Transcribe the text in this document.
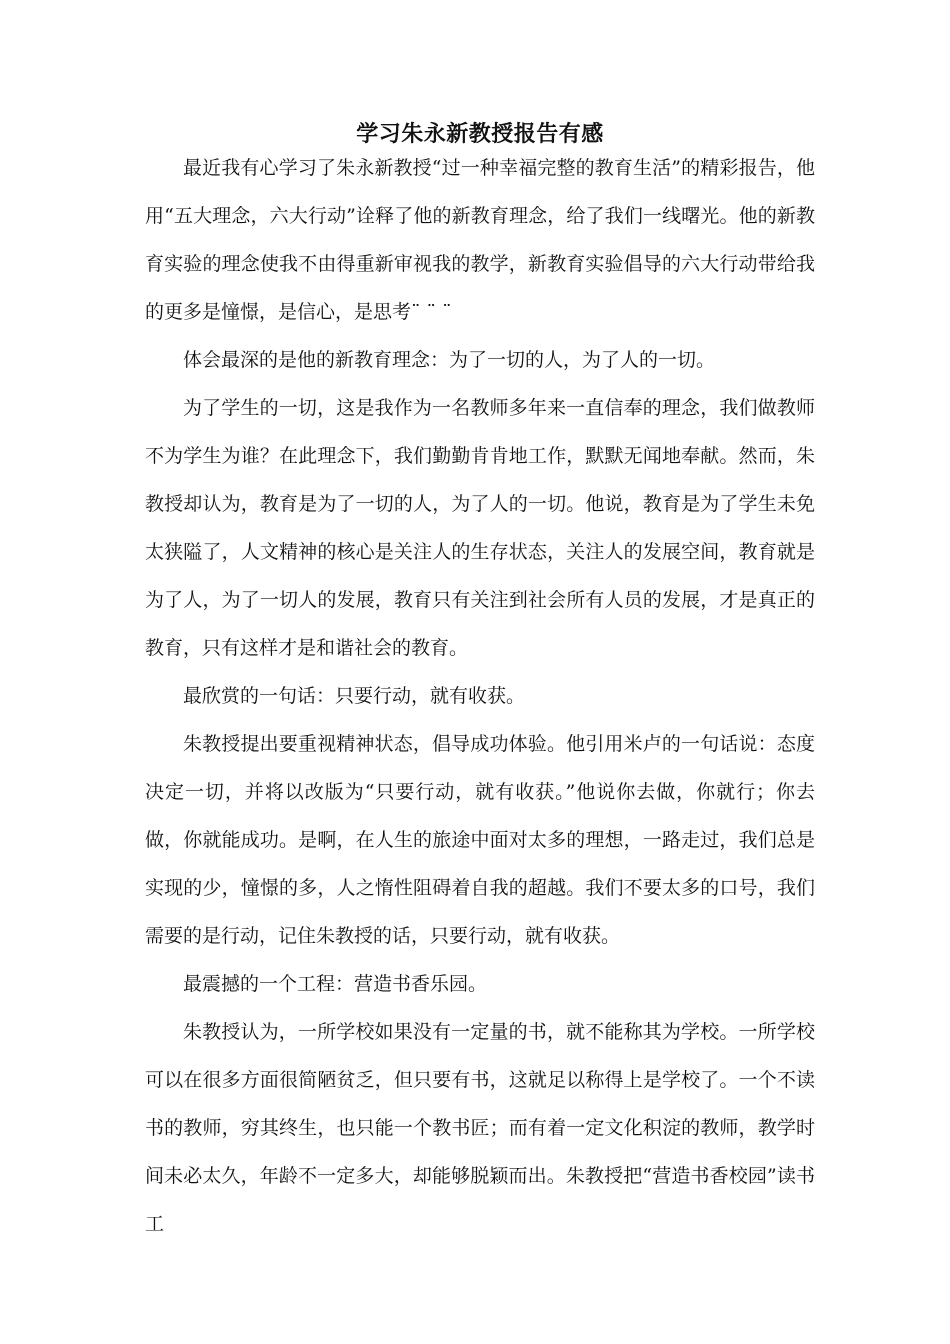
学习朱永新教授报告有感

最近我有心学习了朱永新教授“过一种幸福完整的教育生活”的精彩报告，他用“五大理念，六大行动”诠释了他的新教育理念，给了我们一线曙光。他的新教育实验的理念使我不由得重新审视我的教学，新教育实验倡导的六大行动带给我的更多是憧憬，是信心，是思考¨ ¨ ¨

体会最深的是他的新教育理念：为了一切的人，为了人的一切。

为了学生的一切，这是我作为一名教师多年来一直信奉的理念，我们做教师不为学生为谁？在此理念下，我们勤勤肯肯地工作，默默无闻地奉献。然而，朱教授却认为，教育是为了一切的人，为了人的一切。他说，教育是为了学生未免太狭隘了，人文精神的核心是关注人的生存状态，关注人的发展空间，教育就是为了人，为了一切人的发展，教育只有关注到社会所有人员的发展，才是真正的教育，只有这样才是和谐社会的教育。

最欣赏的一句话：只要行动，就有收获。

朱教授提出要重视精神状态，倡导成功体验。他引用米卢的一句话说：态度决定一切，并将以改版为“只要行动，就有收获。”他说你去做，你就行；你去做，你就能成功。是啊，在人生的旅途中面对太多的理想，一路走过，我们总是实现的少，憧憬的多，人之惰性阻碍着自我的超越。我们不要太多的口号，我们需要的是行动，记住朱教授的话，只要行动，就有收获。

最震撼的一个工程：营造书香乐园。

朱教授认为，一所学校如果没有一定量的书，就不能称其为学校。一所学校可以在很多方面很简陋贫乏，但只要有书，这就足以称得上是学校了。一个不读书的教师，穷其终生，也只能一个教书匠；而有着一定文化积淀的教师，教学时间未必太久，年龄不一定多大，却能够脱颖而出。朱教授把“营造书香校园”读书工
